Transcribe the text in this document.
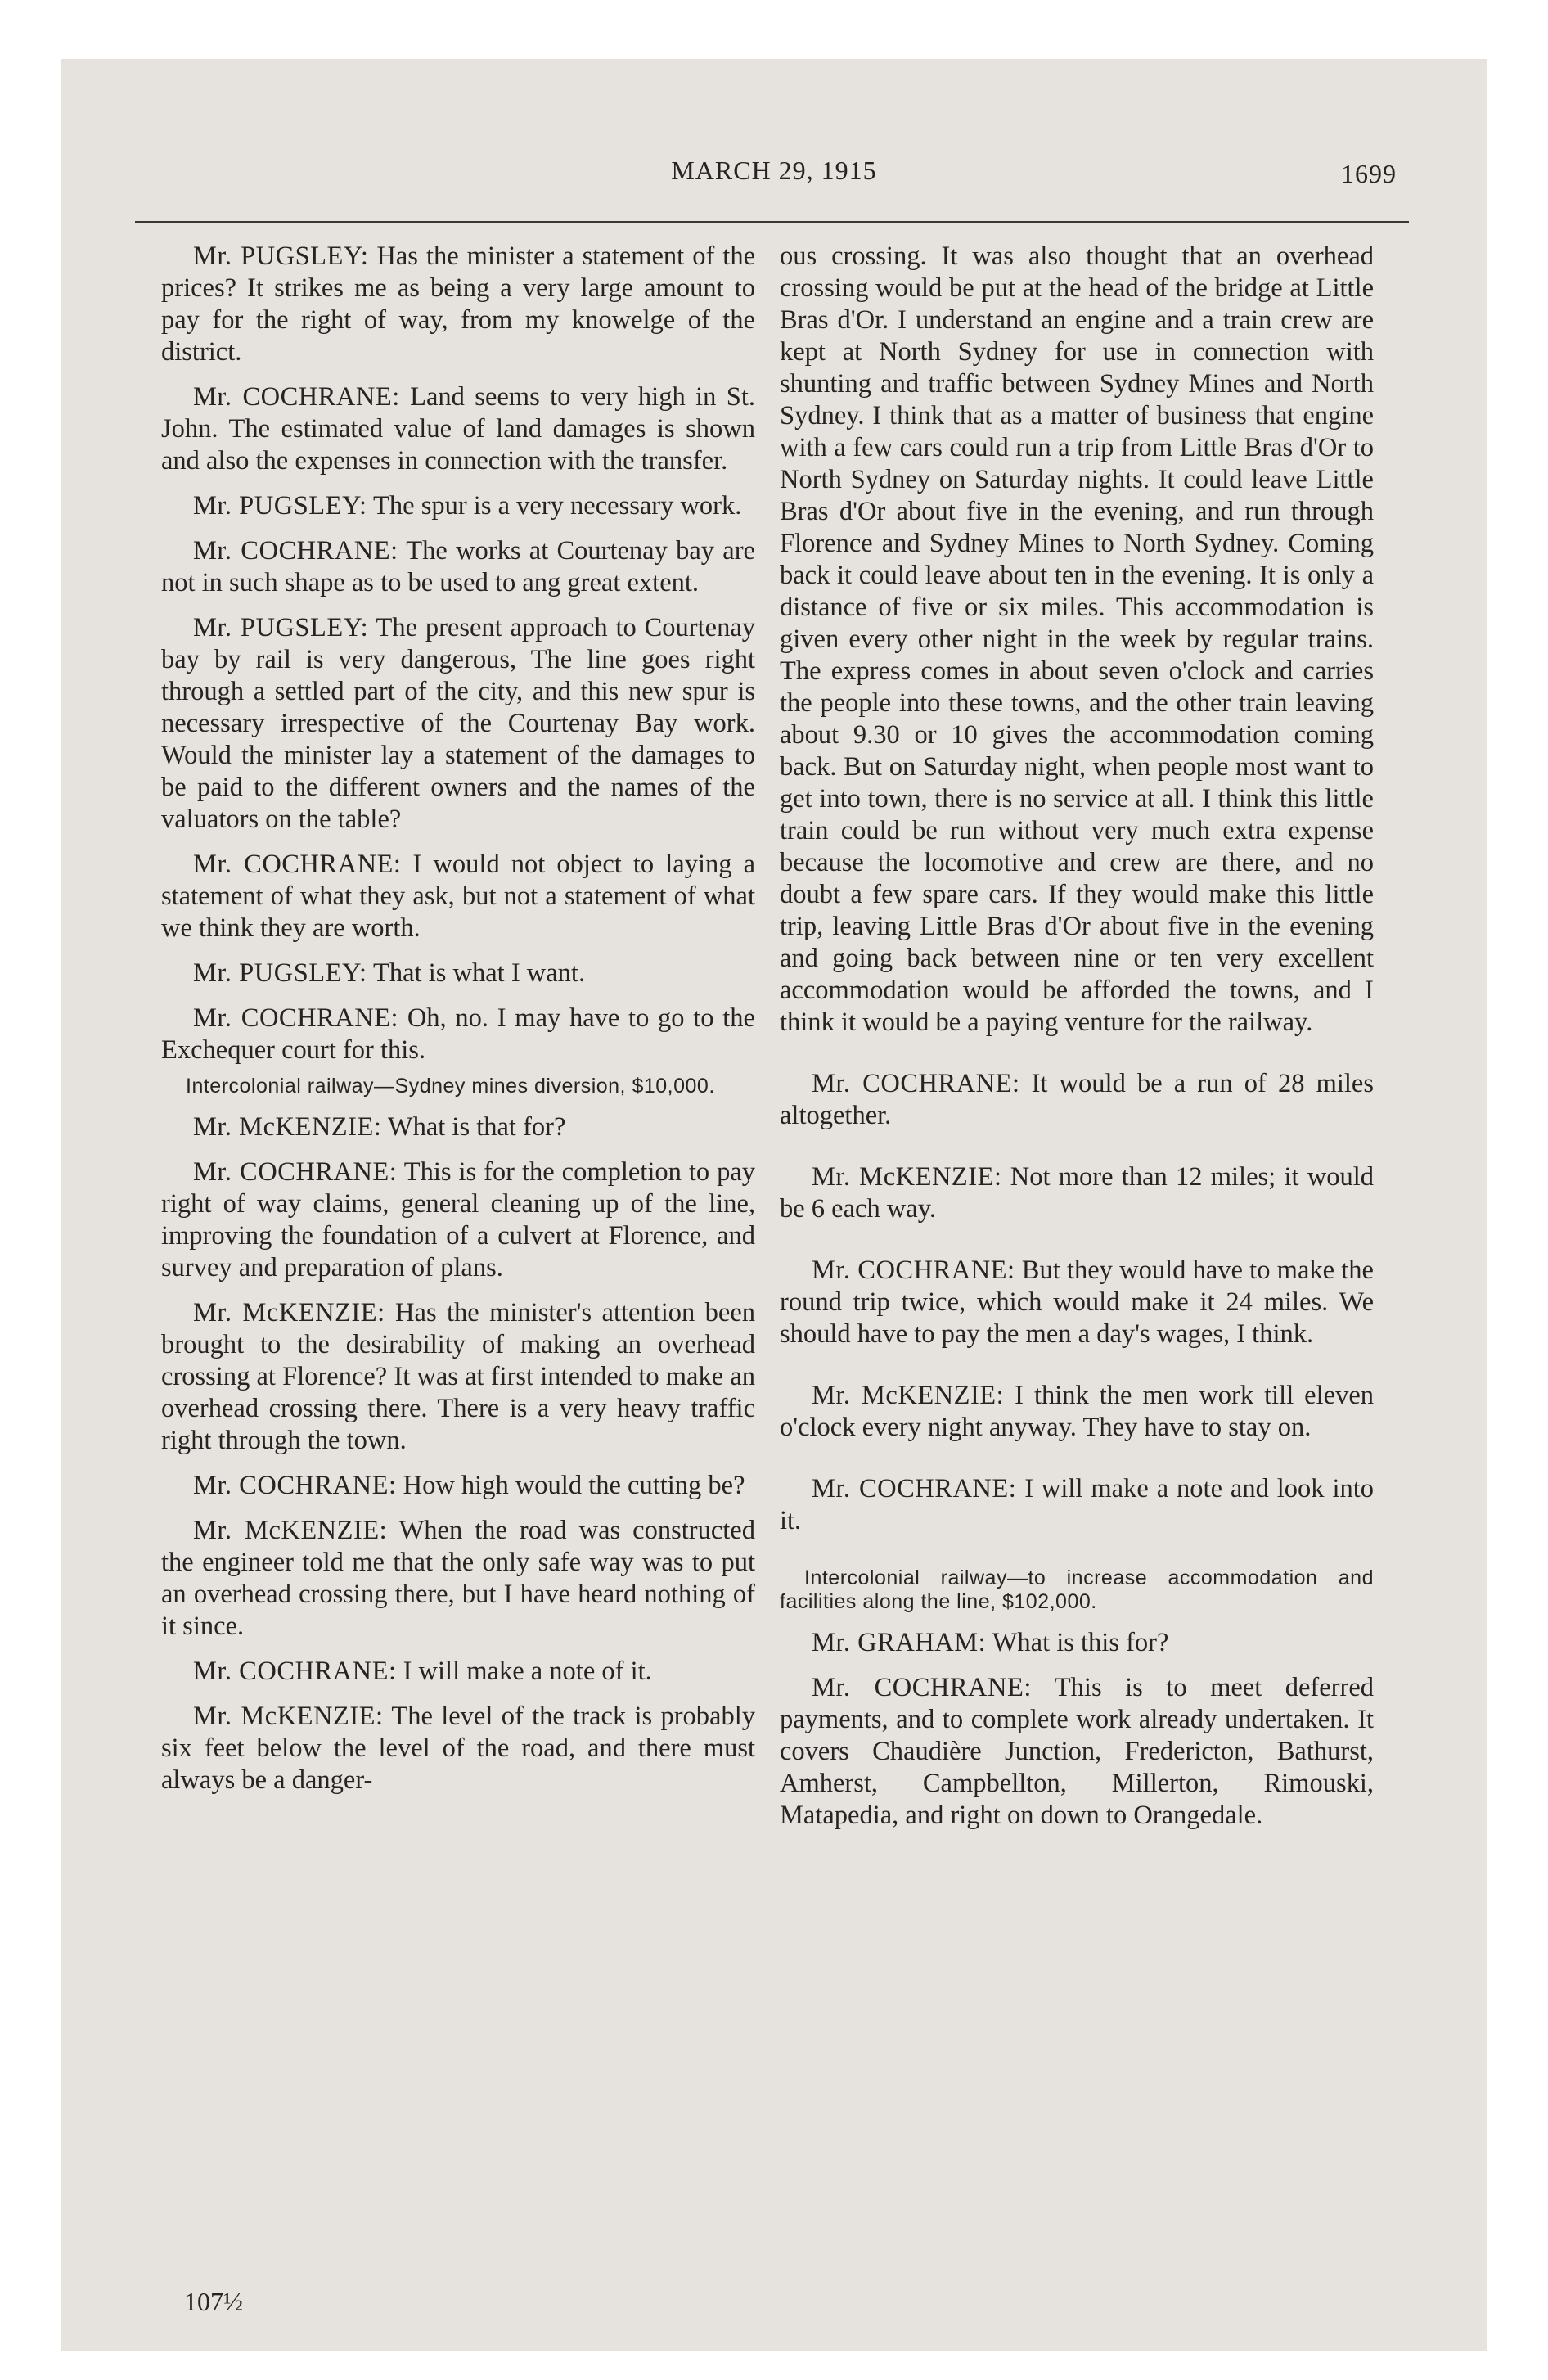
MARCH 29, 1915	1699

Mr. PUGSLEY: Has the minister a statement of the prices? It strikes me as being a very large amount to pay for the right of way, from my knowelge of the district.

Mr. COCHRANE: Land seems to very high in St. John. The estimated value of land damages is shown and also the expenses in connection with the transfer.

Mr. PUGSLEY: The spur is a very necessary work.

Mr. COCHRANE: The works at Courtenay bay are not in such shape as to be used to ang great extent.

Mr. PUGSLEY: The present approach to Courtenay bay by rail is very dangerous, The line goes right through a settled part of the city, and this new spur is necessary irrespective of the Courtenay Bay work. Would the minister lay a statement of the damages to be paid to the different owners and the names of the valuators on the table?

Mr. COCHRANE: I would not object to laying a statement of what they ask, but not a statement of what we think they are worth.

Mr. PUGSLEY: That is what I want.

Mr. COCHRANE: Oh, no. I may have to go to the Exchequer court for this.

Intercolonial railway—Sydney mines diversion, $10,000.

Mr. McKENZIE: What is that for?

Mr. COCHRANE: This is for the completion to pay right of way claims, general cleaning up of the line, improving the foundation of a culvert at Florence, and survey and preparation of plans.

Mr. McKENZIE: Has the minister's attention been brought to the desirability of making an overhead crossing at Florence? It was at first intended to make an overhead crossing there. There is a very heavy traffic right through the town.

Mr. COCHRANE: How high would the cutting be?

Mr. McKENZIE: When the road was constructed the engineer told me that the only safe way was to put an overhead crossing there, but I have heard nothing of it since.

Mr. COCHRANE: I will make a note of it.

Mr. McKENZIE: The level of the track is probably six feet below the level of the road, and there must always be a danger-

ous crossing. It was also thought that an overhead crossing would be put at the head of the bridge at Little Bras d'Or. I understand an engine and a train crew are kept at North Sydney for use in connection with shunting and traffic between Sydney Mines and North Sydney. I think that as a matter of business that engine with a few cars could run a trip from Little Bras d'Or to North Sydney on Saturday nights. It could leave Little Bras d'Or about five in the evening, and run through Florence and Sydney Mines to North Sydney. Coming back it could leave about ten in the evening. It is only a distance of five or six miles. This accommodation is given every other night in the week by regular trains. The express comes in about seven o'clock and carries the people into these towns, and the other train leaving about 9.30 or 10 gives the accommodation coming back. But on Saturday night, when people most want to get into town, there is no service at all. I think this little train could be run without very much extra expense because the locomotive and crew are there, and no doubt a few spare cars. If they would make this little trip, leaving Little Bras d'Or about five in the evening and going back between nine or ten very excellent accommodation would be afforded the towns, and I think it would be a paying venture for the railway.

Mr. COCHRANE: It would be a run of 28 miles altogether.

Mr. McKENZIE: Not more than 12 miles; it would be 6 each way.

Mr. COCHRANE: But they would have to make the round trip twice, which would make it 24 miles. We should have to pay the men a day's wages, I think.

Mr. McKENZIE: I think the men work till eleven o'clock every night anyway. They have to stay on.

Mr. COCHRANE: I will make a note and look into it.

Intercolonial railway—to increase accommodation and facilities along the line, $102,000.

Mr. GRAHAM: What is this for?

Mr. COCHRANE: This is to meet deferred payments, and to complete work already undertaken. It covers Chaudière Junction, Fredericton, Bathurst, Amherst, Campbellton, Millerton, Rimouski, Matapedia, and right on down to Orangedale.

107½
